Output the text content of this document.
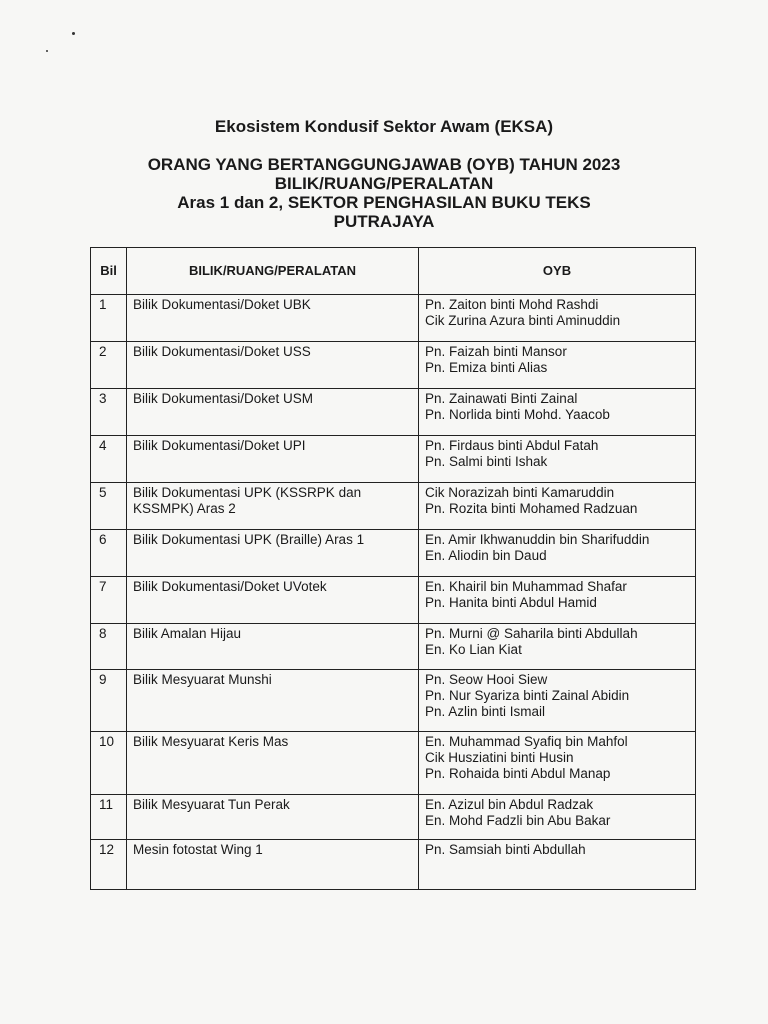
Ekosistem Kondusif Sektor Awam (EKSA)
ORANG YANG BERTANGGUNGJAWAB (OYB) TAHUN 2023
BILIK/RUANG/PERALATAN
Aras 1 dan 2, SEKTOR PENGHASILAN BUKU TEKS
PUTRAJAYA
Bil	BILIK/RUANG/PERALATAN	OYB
1	Bilik Dokumentasi/Doket UBK	Pn. Zaiton binti Mohd Rashdi
Cik Zurina Azura binti Aminuddin

2	Bilik Dokumentasi/Doket USS	Pn. Faizah binti Mansor
Pn. Emiza binti Alias

3	Bilik Dokumentasi/Doket USM	Pn. Zainawati Binti Zainal
Pn. Norlida binti Mohd. Yaacob

4	Bilik Dokumentasi/Doket UPI	Pn. Firdaus binti Abdul Fatah
Pn. Salmi binti Ishak

5	Bilik Dokumentasi UPK (KSSRPK dan KSSMPK) Aras 2	Cik Norazizah binti Kamaruddin
Pn. Rozita binti Mohamed Radzuan

6	Bilik Dokumentasi UPK (Braille) Aras 1	En. Amir Ikhwanuddin bin Sharifuddin
En. Aliodin bin Daud

7	Bilik Dokumentasi/Doket UVotek	En. Khairil bin Muhammad Shafar
Pn. Hanita binti Abdul Hamid

8	Bilik Amalan Hijau	Pn. Murni @ Saharila binti Abdullah
En. Ko Lian Kiat

9	Bilik Mesyuarat Munshi	Pn. Seow Hooi Siew
Pn. Nur Syariza binti Zainal Abidin
Pn. Azlin binti Ismail

10	Bilik Mesyuarat Keris Mas	En. Muhammad Syafiq bin Mahfol
Cik Husziatini binti Husin
Pn. Rohaida binti Abdul Manap

11	Bilik Mesyuarat Tun Perak	En. Azizul bin Abdul Radzak
En. Mohd Fadzli bin Abu Bakar

12	Mesin fotostat Wing 1	Pn. Samsiah binti Abdullah
